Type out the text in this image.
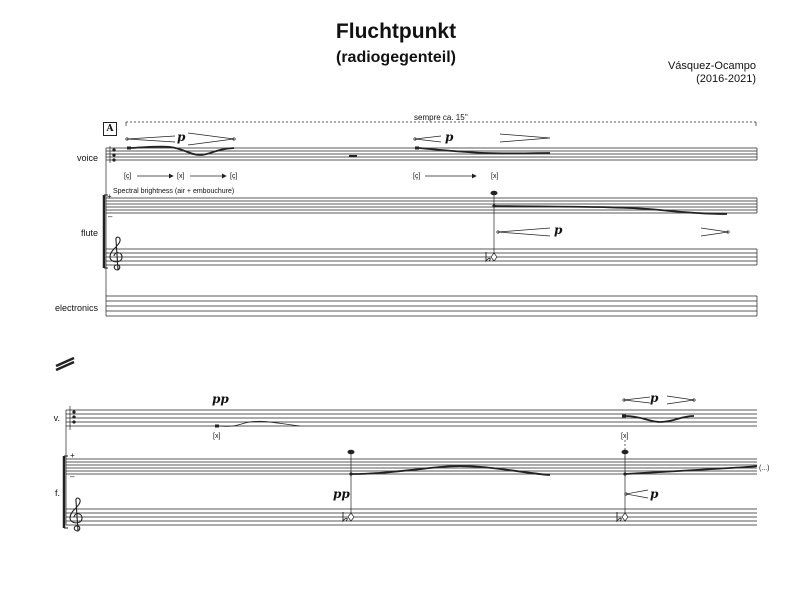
Fluchtpunkt
(radiogegenteil)	Vásquez-Ocampo
(2016-2021)
A
sempre ca. 15''
voice
flute
electronics
Spectral brightness (air + embouchure)
+
–
[ç]	[x]	[ç]	[ç]	[x]
p	p
p
v.
f.
+
–
[x]	[x]
pp
pp
p
p
(...)
